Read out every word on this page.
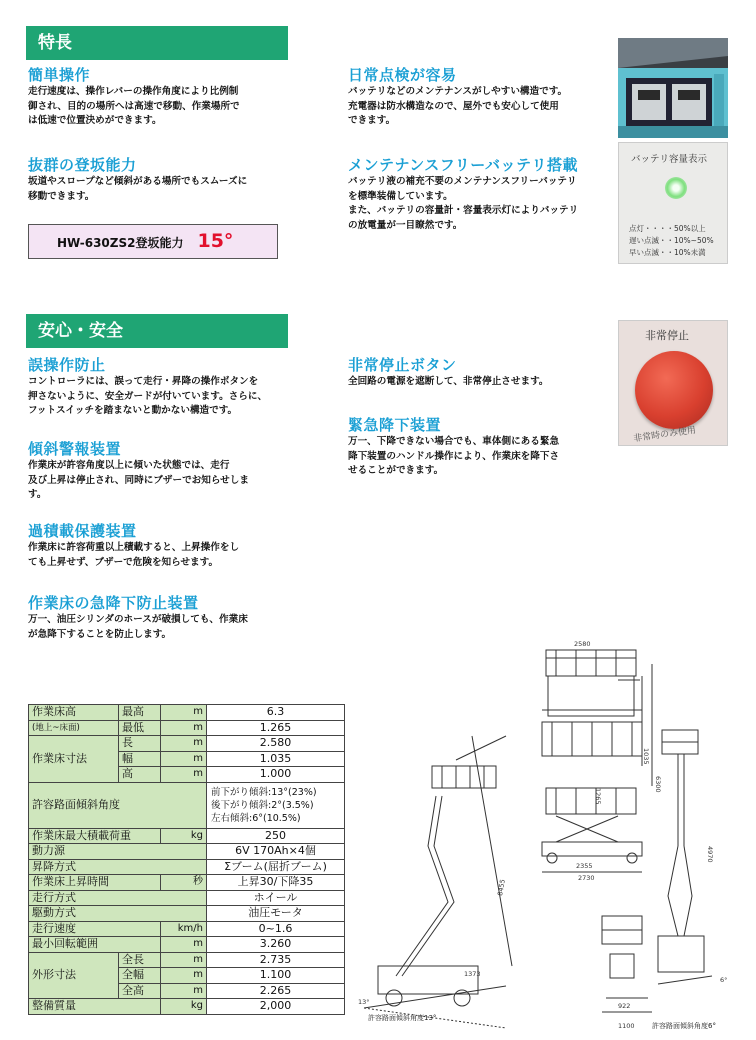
特長
簡単操作

走行速度は、操作レバーの操作角度により比例制

御され、目的の場所へは高速で移動、作業場所で

は低速で位置決めができます。

抜群の登坂能力

坂道やスロープなど傾斜がある場所でもスムーズに

移動できます。

HW-630ZS2登坂能力 15°
日常点検が容易

バッテリなどのメンテナンスがしやすい構造です。

充電器は防水構造なので、屋外でも安心して使用

できます。

メンテナンスフリーバッテリ搭載

バッテリ液の補充不要のメンテナンスフリーバッテリ

を標準装備しています。

また、バッテリの容量計・容量表示灯によりバッテリ

の放電量が一目瞭然です。

バッテリ容量表示
点灯・・・・50%以上
遅い点滅・・10%~50%
早い点滅・・10%未満
安心・安全
誤操作防止

コントローラには、誤って走行・昇降の操作ボタンを

押さないように、安全ガードが付いています。さらに、

フットスイッチを踏まないと動かない構造です。

傾斜警報装置

作業床が許容角度以上に傾いた状態では、走行

及び上昇は停止され、同時にブザーでお知らせしま

す。

過積載保護装置

作業床に許容荷重以上積載すると、上昇操作をし

ても上昇せず、ブザーで危険を知らせます。

作業床の急降下防止装置

万一、油圧シリンダのホースが破損しても、作業床

が急降下することを防止します。

非常停止ボタン

全回路の電源を遮断して、非常停止させます。

緊急降下装置

万一、下降できない場合でも、車体側にある緊急

降下装置のハンドル操作により、作業床を降下さ

せることができます。

非常停止
非常時のみ使用
作業床高	最高	m	6.3
(地上~床面)	最低	m	1.265
作業床寸法	長	m	2.580
	幅	m	1.035
	高	m	1.000
許容路面傾斜角度			前下がり傾斜:13°(23%)
後下がり傾斜:2°(3.5%)
左右傾斜:6°(10.5%)

作業床最大積載荷重		kg	250
動力源			6V 170Ah×4個
昇降方式			Σブーム(屈折ブーム)
作業床上昇時間		秒	上昇30/下降35
走行方式			ホイール
駆動方式			油圧モータ
走行速度		km/h	0~1.6
最小回転範囲		m	3.260
外形寸法	全長	m	2.735
	全幅	m	1.100
	全高	m	2.265
整備質量		kg	2,000
2580
1035
6300
1265
2355
2730
8455
1373
13°
1100
922
6°
4970
許容路面傾斜角度13°
許容路面傾斜角度6°
